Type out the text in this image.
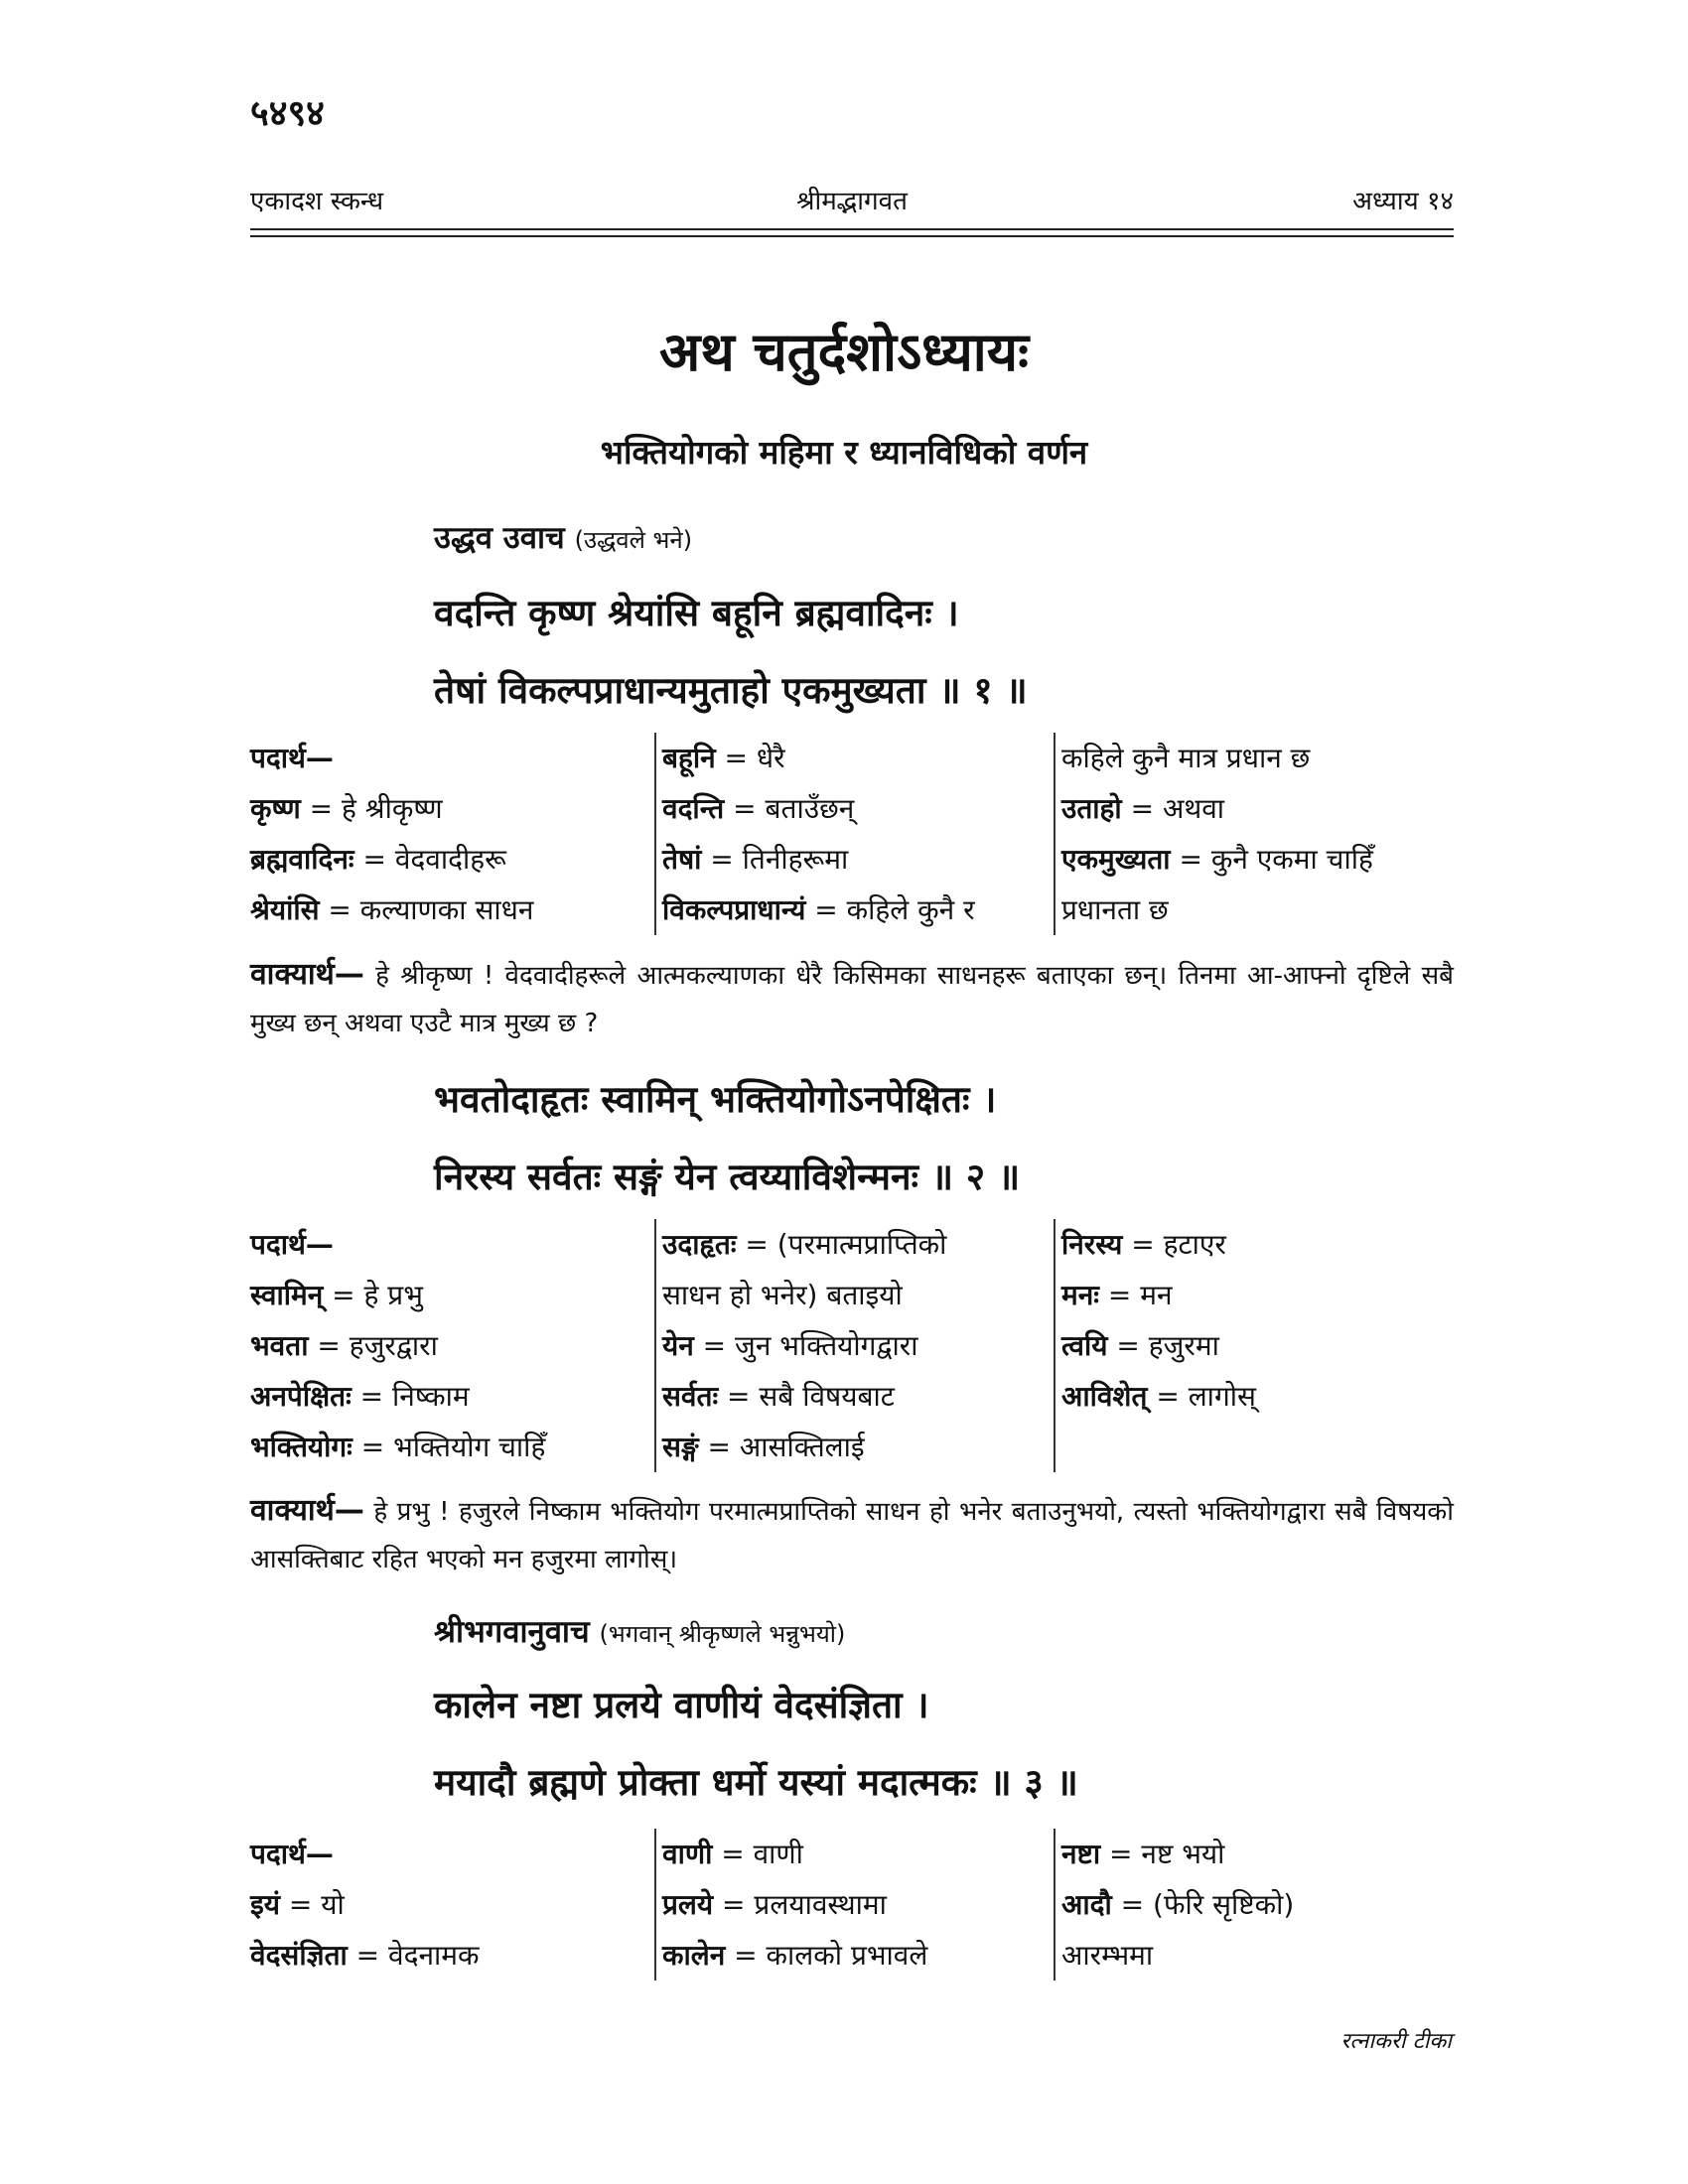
५४९४
श्रीमद्भागवत
एकादश स्कन्ध	अध्याय १४
अथ चतुर्दशोऽध्यायः
भक्तियोगको महिमा र ध्यानविधिको वर्णन
उद्धव उवाच (उद्धवले भने)
वदन्ति कृष्ण श्रेयांसि बहूनि ब्रह्मवादिनः ।
तेषां विकल्पप्राधान्यमुताहो एकमुख्यता ॥ १ ॥
पदार्थ—
कृष्ण = हे श्रीकृष्ण
ब्रह्मवादिनः = वेदवादीहरू
श्रेयांसि = कल्याणका साधन
बहूनि = धेरै
वदन्ति = बताउँछन्
तेषां = तिनीहरूमा
विकल्पप्राधान्यं = कहिले कुनै र
कहिले कुनै मात्र प्रधान छ
उताहो = अथवा
एकमुख्यता = कुनै एकमा चाहिँ
प्रधानता छ
वाक्यार्थ— हे श्रीकृष्ण ! वेदवादीहरूले आत्मकल्याणका धेरै किसिमका साधनहरू बताएका छन्। तिनमा आ-आफ्नो दृष्टिले सबै मुख्य छन् अथवा एउटै मात्र मुख्य छ ?
भवतोदाहृतः स्वामिन् भक्तियोगोऽनपेक्षितः ।
निरस्य सर्वतः सङ्गं येन त्वय्याविशेन्मनः ॥ २ ॥
पदार्थ—
स्वामिन् = हे प्रभु
भवता = हजुरद्वारा
अनपेक्षितः = निष्काम
भक्तियोगः = भक्तियोग चाहिँ
उदाहृतः = (परमात्मप्राप्तिको
साधन हो भनेर) बताइयो
येन = जुन भक्तियोगद्वारा
सर्वतः = सबै विषयबाट
सङ्गं = आसक्तिलाई
निरस्य = हटाएर
मनः = मन
त्वयि = हजुरमा
आविशेत् = लागोस्
वाक्यार्थ— हे प्रभु ! हजुरले निष्काम भक्तियोग परमात्मप्राप्तिको साधन हो भनेर बताउनुभयो, त्यस्तो भक्तियोगद्वारा सबै विषयको आसक्तिबाट रहित भएको मन हजुरमा लागोस्।
श्रीभगवानुवाच (भगवान् श्रीकृष्णले भन्नुभयो)
कालेन नष्टा प्रलये वाणीयं वेदसंज्ञिता ।
मयादौ ब्रह्मणे प्रोक्ता धर्मो यस्यां मदात्मकः ॥ ३ ॥
पदार्थ—
इयं = यो
वेदसंज्ञिता = वेदनामक
वाणी = वाणी
प्रलये = प्रलयावस्थामा
कालेन = कालको प्रभावले
नष्टा = नष्ट भयो
आदौ = (फेरि सृष्टिको)
आरम्भमा
रत्नाकरी टीका
